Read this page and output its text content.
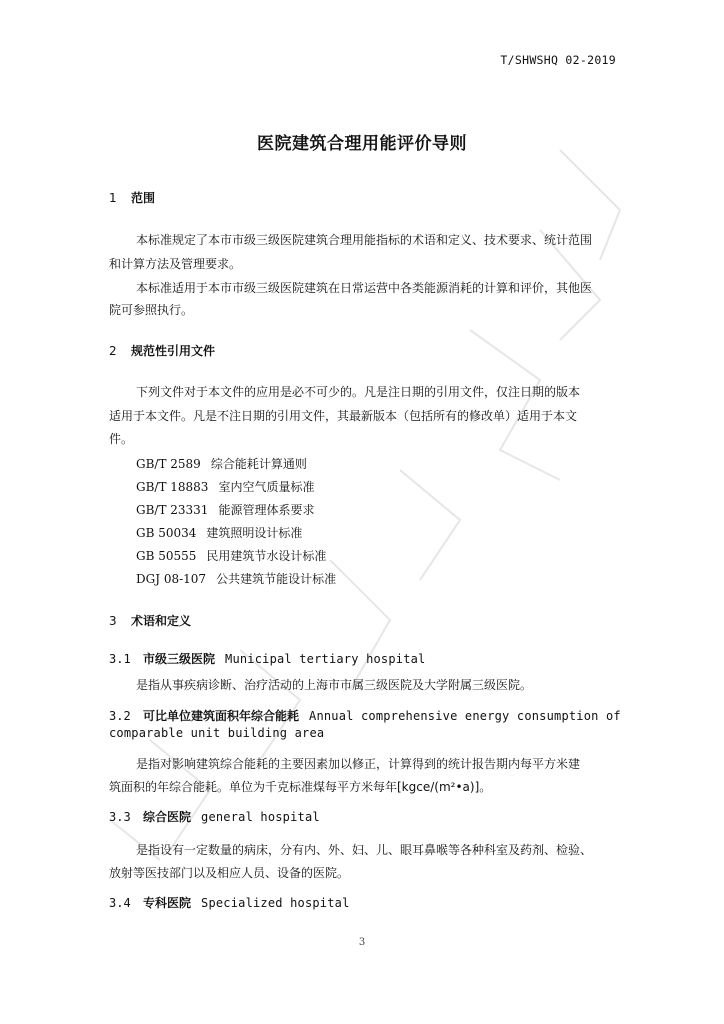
T/SHWSHQ 02-2019
医院建筑合理用能评价导则
1 范围
本标准规定了本市市级三级医院建筑合理用能指标的术语和定义、技术要求、统计范围
和计算方法及管理要求。
本标准适用于本市市级三级医院建筑在日常运营中各类能源消耗的计算和评价，其他医
院可参照执行。
2 规范性引用文件
下列文件对于本文件的应用是必不可少的。凡是注日期的引用文件，仅注日期的版本
适用于本文件。凡是不注日期的引用文件，其最新版本（包括所有的修改单）适用于本文
件。
GB/T 2589 综合能耗计算通则
GB/T 18883 室内空气质量标准
GB/T 23331 能源管理体系要求
GB 50034 建筑照明设计标准
GB 50555 民用建筑节水设计标准
DGJ 08-107 公共建筑节能设计标准
3 术语和定义
3.1 市级三级医院 Municipal tertiary hospital
是指从事疾病诊断、治疗活动的上海市市属三级医院及大学附属三级医院。
3.2 可比单位建筑面积年综合能耗 Annual comprehensive energy consumption of
comparable unit building area
是指对影响建筑综合能耗的主要因素加以修正，计算得到的统计报告期内每平方米建
筑面积的年综合能耗。单位为千克标准煤每平方米每年[kgce/(m²•a)]。
3.3 综合医院 general hospital
是指设有一定数量的病床，分有内、外、妇、儿、眼耳鼻喉等各种科室及药剂、检验、
放射等医技部门以及相应人员、设备的医院。
3.4 专科医院 Specialized hospital
3
